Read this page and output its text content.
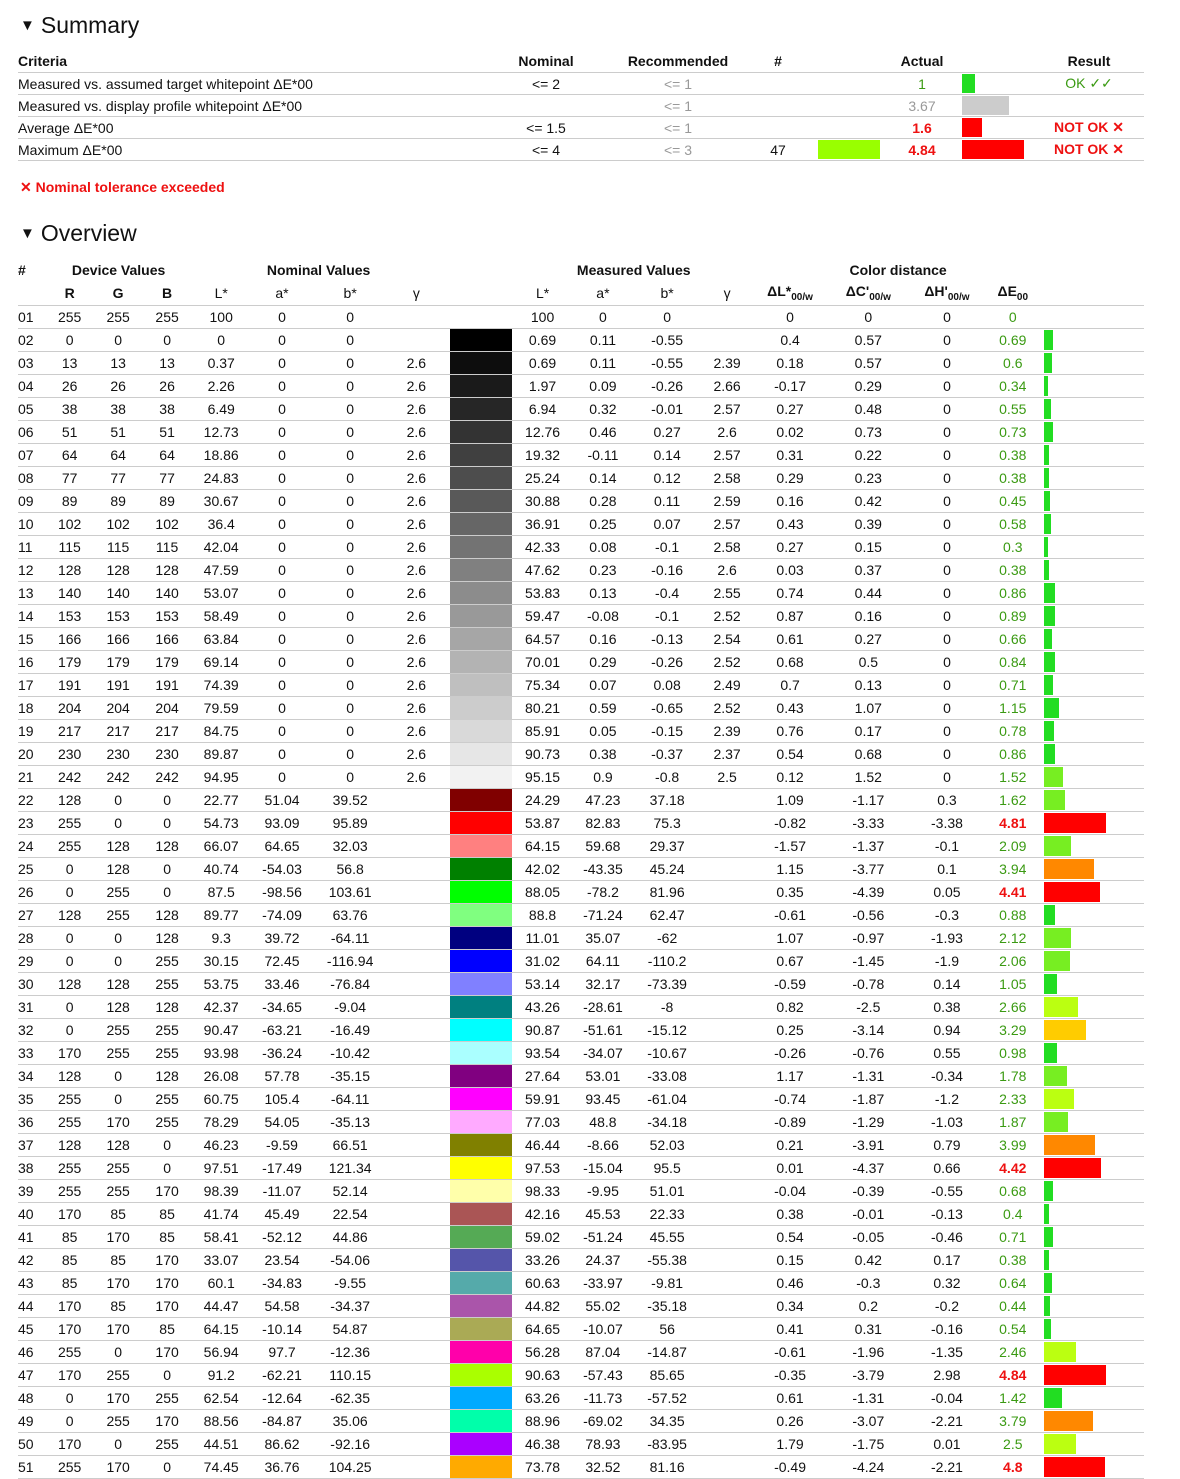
▼ Summary
Criteria	Nominal	Recommended	#		Actual		Result
Measured vs. assumed target whitepoint ΔE*00	<= 2	<= 1			1		OK ✓✓
Measured vs. display profile whitepoint ΔE*00		<= 1			3.67		
Average ΔE*00	<= 1.5	<= 1			1.6		NOT OK ✕
Maximum ΔE*00	<= 4	<= 3	47		4.84		NOT OK ✕
✕ Nominal tolerance exceeded
▼ Overview
#	Device Values			Nominal Values					Measured Values				Color distance				
	R	G	B	L*	a*	b*	γ		L*	a*	b*	γ	$\Delta L*_{00/w}$	$\Delta C'_{00/w}$	$\Delta H'_{00/w}$	$\Delta E_{00}$	
01	255	255	255	100	0	0			100	0	0		0	0	0	0	

02	0	0	0	0	0	0			0.69	0.11	-0.55		0.4	0.57	0	0.69	

03	13	13	13	0.37	0	0	2.6		0.69	0.11	-0.55	2.39	0.18	0.57	0	0.6	

04	26	26	26	2.26	0	0	2.6		1.97	0.09	-0.26	2.66	-0.17	0.29	0	0.34	

05	38	38	38	6.49	0	0	2.6		6.94	0.32	-0.01	2.57	0.27	0.48	0	0.55	

06	51	51	51	12.73	0	0	2.6		12.76	0.46	0.27	2.6	0.02	0.73	0	0.73	

07	64	64	64	18.86	0	0	2.6		19.32	-0.11	0.14	2.57	0.31	0.22	0	0.38	

08	77	77	77	24.83	0	0	2.6		25.24	0.14	0.12	2.58	0.29	0.23	0	0.38	

09	89	89	89	30.67	0	0	2.6		30.88	0.28	0.11	2.59	0.16	0.42	0	0.45	

10	102	102	102	36.4	0	0	2.6		36.91	0.25	0.07	2.57	0.43	0.39	0	0.58	

11	115	115	115	42.04	0	0	2.6		42.33	0.08	-0.1	2.58	0.27	0.15	0	0.3	

12	128	128	128	47.59	0	0	2.6		47.62	0.23	-0.16	2.6	0.03	0.37	0	0.38	

13	140	140	140	53.07	0	0	2.6		53.83	0.13	-0.4	2.55	0.74	0.44	0	0.86	

14	153	153	153	58.49	0	0	2.6		59.47	-0.08	-0.1	2.52	0.87	0.16	0	0.89	

15	166	166	166	63.84	0	0	2.6		64.57	0.16	-0.13	2.54	0.61	0.27	0	0.66	

16	179	179	179	69.14	0	0	2.6		70.01	0.29	-0.26	2.52	0.68	0.5	0	0.84	

17	191	191	191	74.39	0	0	2.6		75.34	0.07	0.08	2.49	0.7	0.13	0	0.71	

18	204	204	204	79.59	0	0	2.6		80.21	0.59	-0.65	2.52	0.43	1.07	0	1.15	

19	217	217	217	84.75	0	0	2.6		85.91	0.05	-0.15	2.39	0.76	0.17	0	0.78	

20	230	230	230	89.87	0	0	2.6		90.73	0.38	-0.37	2.37	0.54	0.68	0	0.86	

21	242	242	242	94.95	0	0	2.6		95.15	0.9	-0.8	2.5	0.12	1.52	0	1.52	

22	128	0	0	22.77	51.04	39.52			24.29	47.23	37.18		1.09	-1.17	0.3	1.62	

23	255	0	0	54.73	93.09	95.89			53.87	82.83	75.3		-0.82	-3.33	-3.38	4.81	

24	255	128	128	66.07	64.65	32.03			64.15	59.68	29.37		-1.57	-1.37	-0.1	2.09	

25	0	128	0	40.74	-54.03	56.8			42.02	-43.35	45.24		1.15	-3.77	0.1	3.94	

26	0	255	0	87.5	-98.56	103.61			88.05	-78.2	81.96		0.35	-4.39	0.05	4.41	

27	128	255	128	89.77	-74.09	63.76			88.8	-71.24	62.47		-0.61	-0.56	-0.3	0.88	

28	0	0	128	9.3	39.72	-64.11			11.01	35.07	-62		1.07	-0.97	-1.93	2.12	

29	0	0	255	30.15	72.45	-116.94			31.02	64.11	-110.2		0.67	-1.45	-1.9	2.06	

30	128	128	255	53.75	33.46	-76.84			53.14	32.17	-73.39		-0.59	-0.78	0.14	1.05	

31	0	128	128	42.37	-34.65	-9.04			43.26	-28.61	-8		0.82	-2.5	0.38	2.66	

32	0	255	255	90.47	-63.21	-16.49			90.87	-51.61	-15.12		0.25	-3.14	0.94	3.29	

33	170	255	255	93.98	-36.24	-10.42			93.54	-34.07	-10.67		-0.26	-0.76	0.55	0.98	

34	128	0	128	26.08	57.78	-35.15			27.64	53.01	-33.08		1.17	-1.31	-0.34	1.78	

35	255	0	255	60.75	105.4	-64.11			59.91	93.45	-61.04		-0.74	-1.87	-1.2	2.33	

36	255	170	255	78.29	54.05	-35.13			77.03	48.8	-34.18		-0.89	-1.29	-1.03	1.87	

37	128	128	0	46.23	-9.59	66.51			46.44	-8.66	52.03		0.21	-3.91	0.79	3.99	

38	255	255	0	97.51	-17.49	121.34			97.53	-15.04	95.5		0.01	-4.37	0.66	4.42	

39	255	255	170	98.39	-11.07	52.14			98.33	-9.95	51.01		-0.04	-0.39	-0.55	0.68	

40	170	85	85	41.74	45.49	22.54			42.16	45.53	22.33		0.38	-0.01	-0.13	0.4	

41	85	170	85	58.41	-52.12	44.86			59.02	-51.24	45.55		0.54	-0.05	-0.46	0.71	

42	85	85	170	33.07	23.54	-54.06			33.26	24.37	-55.38		0.15	0.42	0.17	0.38	

43	85	170	170	60.1	-34.83	-9.55			60.63	-33.97	-9.81		0.46	-0.3	0.32	0.64	

44	170	85	170	44.47	54.58	-34.37			44.82	55.02	-35.18		0.34	0.2	-0.2	0.44	

45	170	170	85	64.15	-10.14	54.87			64.65	-10.07	56		0.41	0.31	-0.16	0.54	

46	255	0	170	56.94	97.7	-12.36			56.28	87.04	-14.87		-0.61	-1.96	-1.35	2.46	

47	170	255	0	91.2	-62.21	110.15			90.63	-57.43	85.65		-0.35	-3.79	2.98	4.84	

48	0	170	255	62.54	-12.64	-62.35			63.26	-11.73	-57.52		0.61	-1.31	-0.04	1.42	

49	0	255	170	88.56	-84.87	35.06			88.96	-69.02	34.35		0.26	-3.07	-2.21	3.79	

50	170	0	255	44.51	86.62	-92.16			46.38	78.93	-83.95		1.79	-1.75	0.01	2.5	

51	255	170	0	74.45	36.76	104.25			73.78	32.52	81.16		-0.49	-4.24	-2.21	4.8	
